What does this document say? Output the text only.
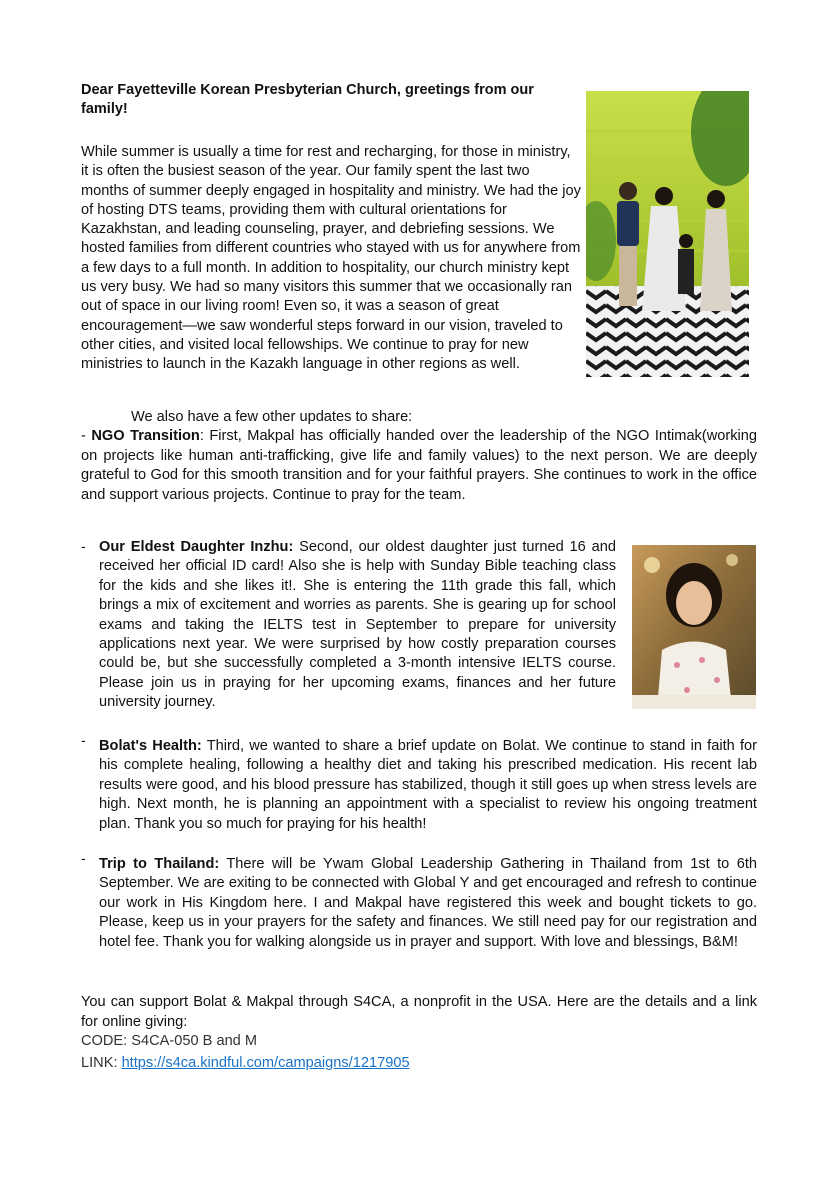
Dear Fayetteville Korean Presbyterian Church, greetings from our family!
While summer is usually a time for rest and recharging, for those in ministry, it is often the busiest season of the year. Our family spent the last two months of summer deeply engaged in hospitality and ministry. We had the joy of hosting DTS teams, providing them with cultural orientations for Kazakhstan, and leading counseling, prayer, and debriefing sessions. We hosted families from different countries who stayed with us for anywhere from a few days to a full month. In addition to hospitality, our church ministry kept us very busy. We had so many visitors this summer that we occasionally ran out of space in our living room! Even so, it was a season of great encouragement—we saw wonderful steps forward in our vision, traveled to other cities, and visited local fellowships. We continue to pray for new ministries to launch in the Kazakh language in other regions as well.
We also have a few other updates to share:
- NGO Transition: First, Makpal has officially handed over the leadership of the NGO Intimak(working on projects like human anti-trafficking, give life and family values) to the next person. We are deeply grateful to God for this smooth transition and for your faithful prayers. She continues to work in the office and support various projects. Continue to pray for the team.
- Our Eldest Daughter Inzhu: Second, our oldest daughter just turned 16 and received her official ID card! Also she is help with Sunday Bible teaching class for the kids and she likes it!. She is entering the 11th grade this fall, which brings a mix of excitement and worries as parents. She is gearing up for school exams and taking the IELTS test in September to prepare for university applications next year. We were surprised by how costly preparation courses could be, but she successfully completed a 3-month intensive IELTS course. Please join us in praying for her upcoming exams, finances and her future university journey.
- Bolat's Health: Third, we wanted to share a brief update on Bolat. We continue to stand in faith for his complete healing, following a healthy diet and taking his prescribed medication. His recent lab results were good, and his blood pressure has stabilized, though it still goes up when stress levels are high. Next month, he is planning an appointment with a specialist to review his ongoing treatment plan. Thank you so much for praying for his health!
- Trip to Thailand: There will be Ywam Global Leadership Gathering in Thailand from 1st to 6th September. We are exiting to be connected with Global Y and get encouraged and refresh to continue our work in His Kingdom here. I and Makpal have registered this week and bought tickets to go. Please, keep us in your prayers for the safety and finances. We still need pay for our registration and hotel fee. Thank you for walking alongside us in prayer and support. With love and blessings, B&M!
You can support Bolat & Makpal through S4CA, a nonprofit in the USA. Here are the details and a link for online giving:
CODE: S4CA-050 B and M
LINK: https://s4ca.kindful.com/campaigns/1217905
